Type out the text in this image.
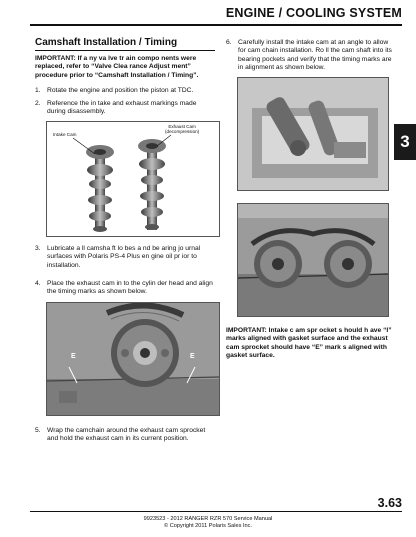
ENGINE / COOLING SYSTEM
3
Camshaft Installation / Timing
IMPORTANT: If a ny va lve tr ain compo nents were replaced, refer to “Valve Clea rance Adjust ment” procedure prior to “Camshaft Installation / Timing”.
1. Rotate the engine and position the piston at TDC.
2. Reference the in take and exhaust markings made during disassembly.
Intake Cam
Exhaust Cam
(decompression)
3. Lubricate a ll camsha ft lo bes a nd be aring jo urnal surfaces with Polaris PS-4 Plus en gine oil pr ior to installation.
4. Place the exhaust cam in to the cylin der head and align the timing marks as shown below.
E	E
5. Wrap the camchain around the exhaust cam sprocket and hold the exhaust cam in its current position.
6. Carefully install the intake cam at an angle to allow for cam chain installation. Ro ll the cam shaft into its bearing pockets and verify that the timing marks are in alignment as shown below.
IMPORTANT: Intake c am spr ocket s hould h ave “I” marks aligned with gasket surface and the exhaust cam sprocket should have “E” mark s aligned with gasket surface.
3.63
9923523 - 2012 RANGER RZR 570 Service Manual
© Copyright 2011 Polaris Sales Inc.
